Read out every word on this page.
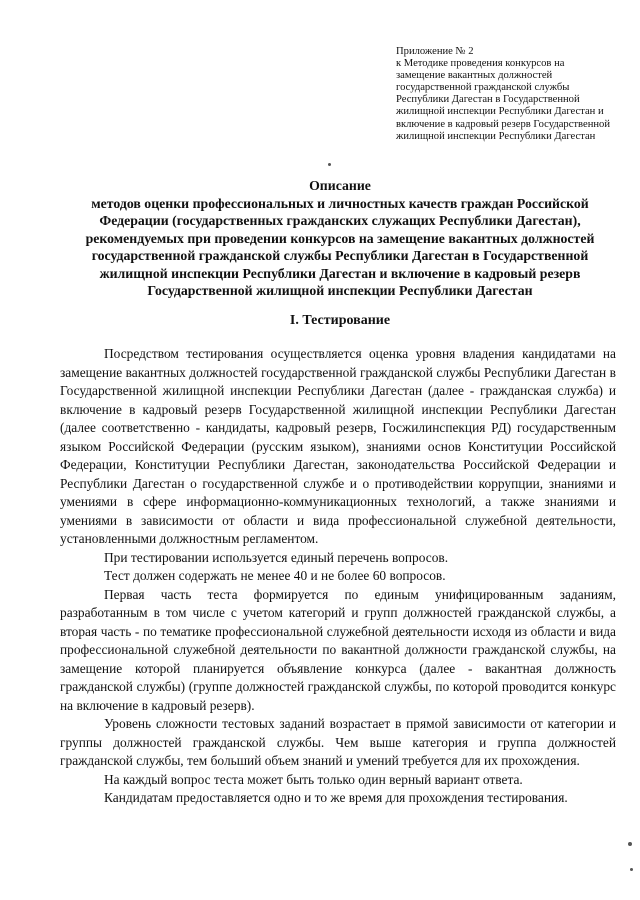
Приложение № 2
к Методике проведения конкурсов на
замещение вакантных должностей
государственной гражданской службы
Республики Дагестан в Государственной
жилищной инспекции Республики Дагестан и
включение в кадровый резерв Государственной
жилищной инспекции Республики Дагестан
Описание
методов оценки профессиональных и личностных качеств граждан Российской
Федерации (государственных гражданских служащих Республики Дагестан),
рекомендуемых при проведении конкурсов на замещение вакантных должностей
государственной гражданской службы Республики Дагестан в Государственной
жилищной инспекции Республики Дагестан и включение в кадровый резерв
Государственной жилищной инспекции Республики Дагестан
I. Тестирование

Посредством тестирования осуществляется оценка уровня владения кандидатами на замещение вакантных должностей государственной гражданской службы Республики Дагестан в Государственной жилищной инспекции Республики Дагестан (далее - гражданская служба) и включение в кадровый резерв Государственной жилищной инспекции Республики Дагестан (далее соответственно - кандидаты, кадровый резерв, Госжилинспекция РД) государственным языком Российской Федерации (русским языком), знаниями основ Конституции Российской Федерации, Конституции Республики Дагестан, законодательства Российской Федерации и Республики Дагестан о государственной службе и о противодействии коррупции, знаниями и умениями в сфере информационно-коммуникационных технологий, а также знаниями и умениями в зависимости от области и вида профессиональной служебной деятельности, установленными должностным регламентом.

При тестировании используется единый перечень вопросов.

Тест должен содержать не менее 40 и не более 60 вопросов.

Первая часть теста формируется по единым унифицированным заданиям, разработанным в том числе с учетом категорий и групп должностей гражданской службы, а вторая часть - по тематике профессиональной служебной деятельности исходя из области и вида профессиональной служебной деятельности по вакантной должности гражданской службы, на замещение которой планируется объявление конкурса (далее - вакантная должность гражданской службы) (группе должностей гражданской службы, по которой проводится конкурс на включение в кадровый резерв).

Уровень сложности тестовых заданий возрастает в прямой зависимости от категории и группы должностей гражданской службы. Чем выше категория и группа должностей гражданской службы, тем больший объем знаний и умений требуется для их прохождения.

На каждый вопрос теста может быть только один верный вариант ответа.

Кандидатам предоставляется одно и то же время для прохождения тестирования.
